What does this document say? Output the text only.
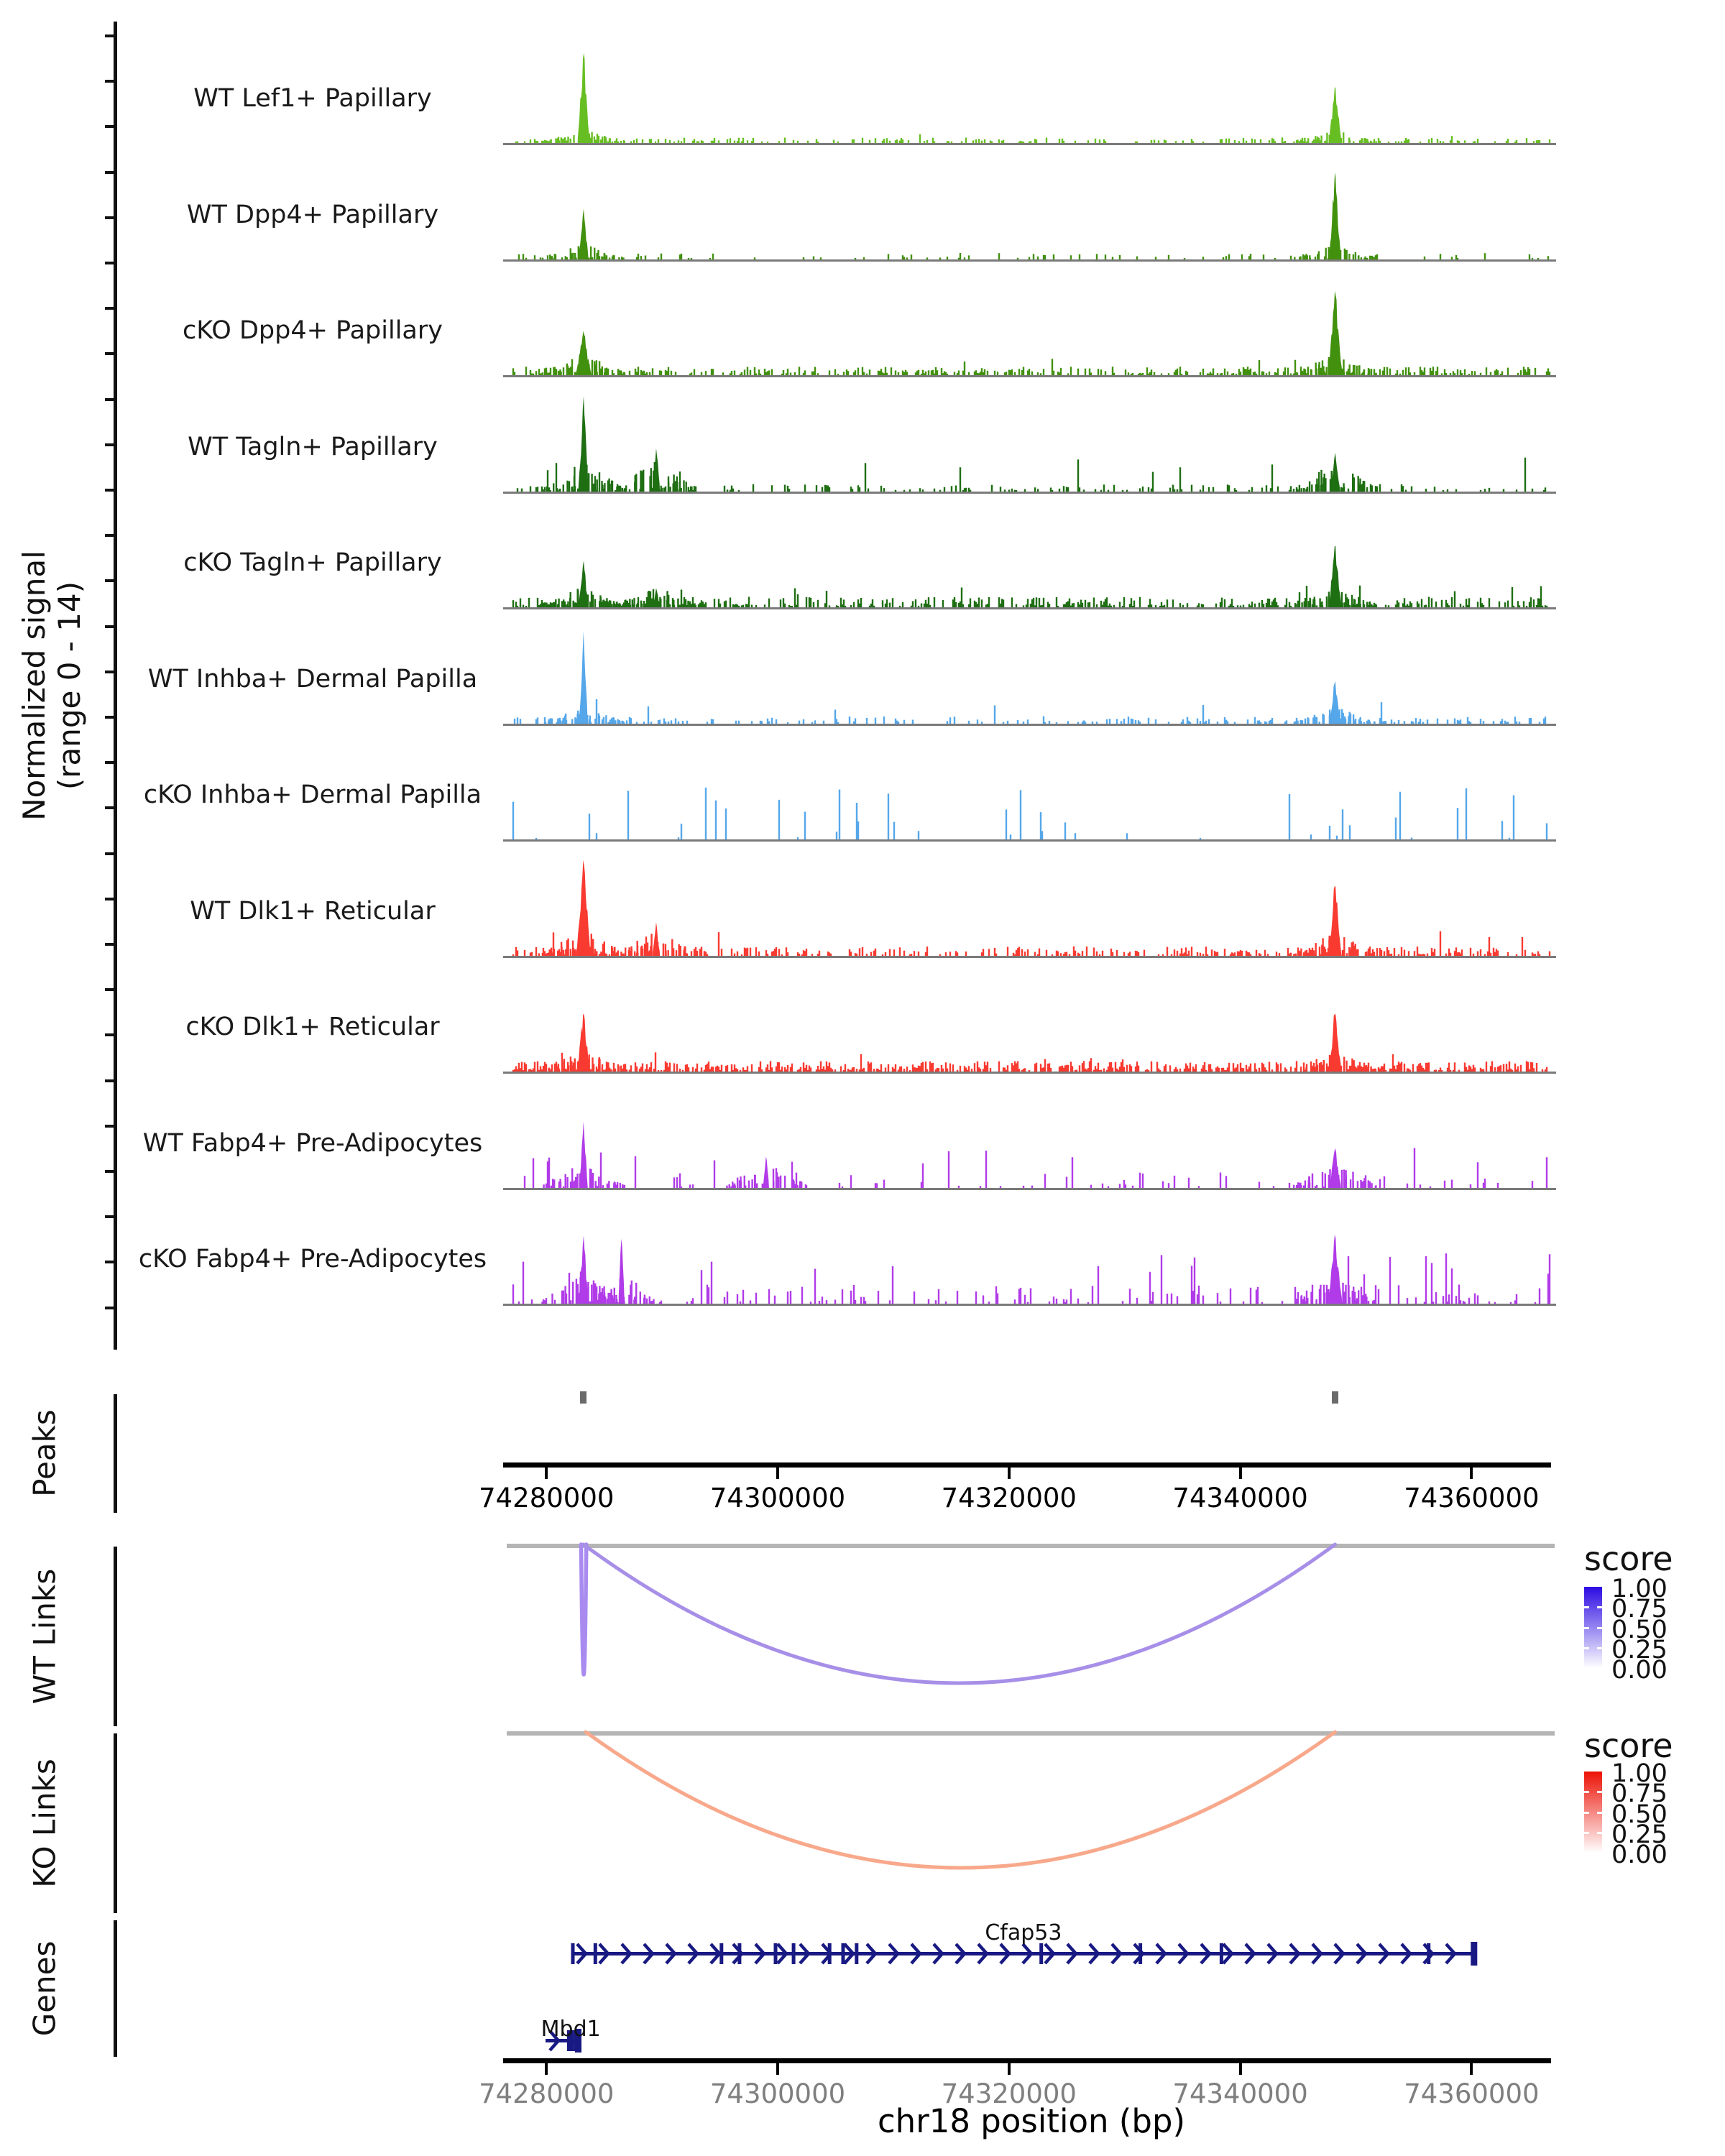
Normalized signal (range 0 - 14)
Peaks
WT Links
KO Links
Genes
WT Lef1+ Papillary
WT Dpp4+ Papillary
cKO Dpp4+ Papillary
WT Tagln+ Papillary
cKO Tagln+ Papillary
WT Inhba+ Dermal Papilla
cKO Inhba+ Dermal Papilla
WT Dlk1+ Reticular
cKO Dlk1+ Reticular
WT Fabp4+ Pre-Adipocytes
cKO Fabp4+ Pre-Adipocytes
74280000	74300000	74320000	74340000	74360000
score
1.00
0.75
0.50
0.25
0.00
score
1.00
0.75
0.50
0.25
0.00
Cfap53
Mbd1
74280000	74300000	74320000	74340000	74360000
chr18 position (bp)
